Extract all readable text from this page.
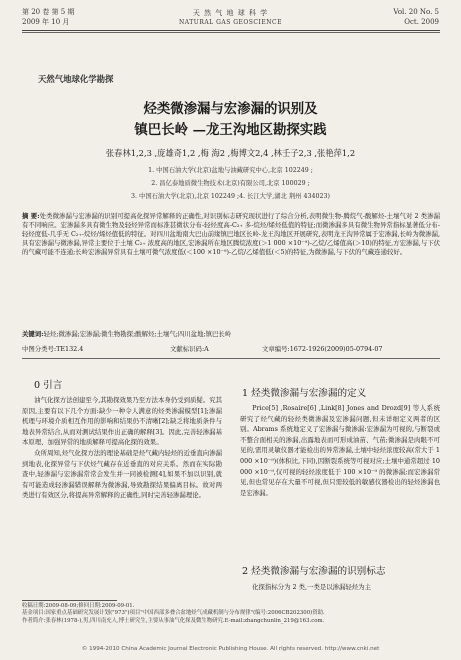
第 20 卷 第 5 期
2009 年 10 月
天 然 气 地 球 科 学
NATURAL GAS GEOSCIENCE
Vol. 20 No. 5
Oct. 2009
天然气地球化学勘探
烃类微渗漏与宏渗漏的识别及
镇巴长岭 —龙王沟地区勘探实践
张春林1,2,3 ,庞雄奇1,2 ,梅 海2 ,梅博文2,4 ,林壬子2,3 ,张艳萍1,2
1. 中国石油大学(北京)盆地与油藏研究中心,北京 102249 ;
2. 昌亿泰地质微生物技术(北京)有限公司,北京 100029 ;
3. 中国石油大学(北京),北京 102249 ;4. 长江大学,湖北 荆州 434023)
摘 要:处类微渗漏与宏渗漏的识别可提高化探异常解释的正确性,对识别标志研究现状进行了综合分析,表明微生物-腾烷气-酸解烃-土壤气对 2 类渗漏有不同响应。宏渗漏多具有微生物及轻烃异常而标准甚微状分布-轻烃度高-C₂₊ 多-烷烃/烯烃低值的特征;而微渗漏多具有微生物异常指标显著低分布-轻烃度低-几乎无 C₂₊-烷烃/烯烃值低的特征。对四川盆地南大巴山前缘镇巴地区长岭-龙王沟地区开展研究,表明龙王沟异常属于宏渗漏,长岭为微渗漏,具有宏渗漏与微渗漏,异常主要位于土壤 C₂₊ 浓度高的地区,宏渗漏所在地区腾烷浓度(＞1 000 ×10⁻⁹)-乙烷/乙烯值高(＞10)的特征,方宏渗漏,与下伏的气藏可能不连通;长岭宏渗漏异常具有土壤可微气浓度低(＜100 ×10⁻⁹)-乙烷/乙烯值低(＜5)的特征,为微渗漏,与下伏的气藏连通较好。
关键词:轻烃;微渗漏;宏渗漏;微生物勘探;酸解烃;土壤气;四川盆地;镇巴长岭
中图分类号:TE132.4	文献标识码:A	文章编号:1672-1926(2009)05-0794-07
0 引言

油气化探方法创建至今,其勘探效果乃至方法本身仍受到质疑。究其原因,主要有以下几个方面:缺少一种令人满意的烃类渗漏模型[1];渗漏机理与环境介质相互作用的影响和结果仍不清晰[2];缺乏将地质条件与地表异常结合,从而对测试结果作出正确的解释[3]。因此,完善轻渗漏基本原理、加强异常的地质解释可提高化探的效果。

众所周知,烃气化探方法的理论基础是烃气藏内轻烃的近垂直向渗漏到地表,化探异常与下伏烃气藏存在近垂直的对应关系。然而在实际勘查中,轻渗漏与宏渗漏常常会发生并一同被检测[4],如果不加以识别,就有可能造成轻渗漏错误解释为微渗漏,导致勘探结果偏离目标。故对两类进行有效区分,将提高异常解释的正确性,同时完善轻渗漏理论。

1 烃类微渗漏与宏渗漏的定义

Price[5] ,Rosaire[6] ,Link[8] Jones and Drozd[9] 等人系统研究了烃气藏的轻烃类微渗漏及宏渗漏问题,但未详细定义两者的区别。Abrams 系统地定义了宏渗漏与微渗漏:宏渗漏为可视的,与断裂或不整合面相关的渗漏,出露地表而可形成油苗、气苗;微渗漏是肉眼不可见的,需用灵敏仪器才能检出的异常渗漏,土壤中轻烃浓度较高(常大于 1 000 ×10⁻⁹)(体积比,下同),因断裂系统等可视对应;土壤中通常超过 10 000 ×10⁻⁹,仅可视的轻烃浓度低于 100 ×10⁻⁹ 的微渗漏;而宏渗漏常见,但也常见存在大量不可视,但只需较低的敏感仪器检出的轻烃渗漏也是宏渗漏。

2 烃类微渗漏与宏渗漏的识别标志

化探指标分为 2 类,一类是以渗漏轻烃为主

收稿日期:2009-08-09;修回日期:2009-09-01.
基金项目:国家重点基础研究发展计划("973")项目"中国西部多叠合盆地烃气成藏机制与分布规律"(编号:2006CB202300)资助.
作者简介:张春林(1978-),男,四川南充人,博士研究生,主要从事油气化探及微生物研究.E-mail:zhangchunlin_219@163.com.
© 1994-2010 China Academic Journal Electronic Publishing House. All rights reserved. http://www.cnki.net
